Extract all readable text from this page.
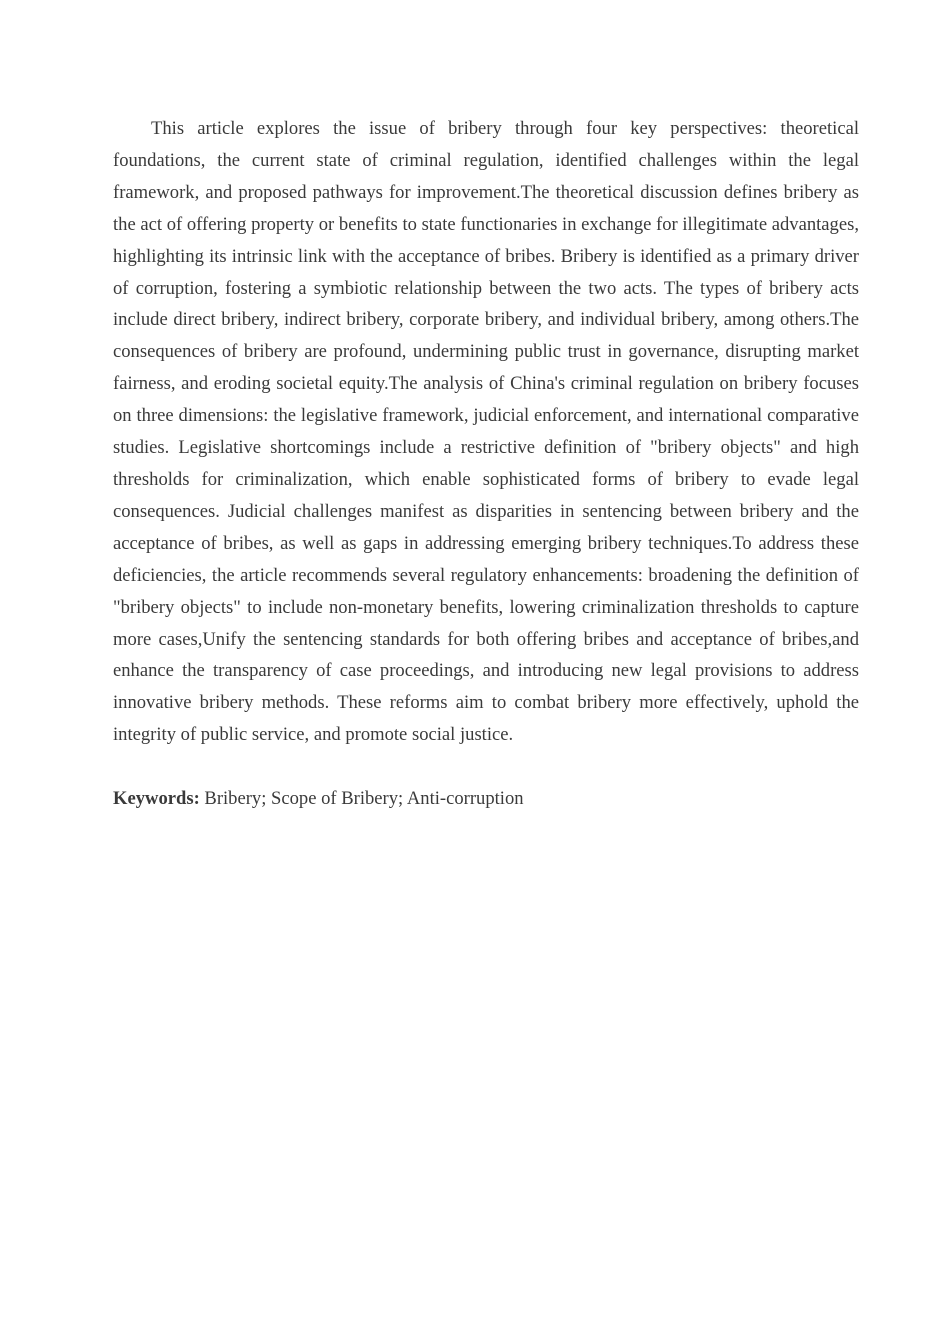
This article explores the issue of bribery through four key perspectives: theoretical foundations, the current state of criminal regulation, identified challenges within the legal framework, and proposed pathways for improvement.The theoretical discussion defines bribery as the act of offering property or benefits to state functionaries in exchange for illegitimate advantages, highlighting its intrinsic link with the acceptance of bribes. Bribery is identified as a primary driver of corruption, fostering a symbiotic relationship between the two acts. The types of bribery acts include direct bribery, indirect bribery, corporate bribery, and individual bribery, among others.The consequences of bribery are profound, undermining public trust in governance, disrupting market fairness, and eroding societal equity.The analysis of China's criminal regulation on bribery focuses on three dimensions: the legislative framework, judicial enforcement, and international comparative studies. Legislative shortcomings include a restrictive definition of "bribery objects" and high thresholds for criminalization, which enable sophisticated forms of bribery to evade legal consequences. Judicial challenges manifest as disparities in sentencing between bribery and the acceptance of bribes, as well as gaps in addressing emerging bribery techniques.To address these deficiencies, the article recommends several regulatory enhancements: broadening the definition of "bribery objects" to include non-monetary benefits, lowering criminalization thresholds to capture more cases,Unify the sentencing standards for both offering bribes and acceptance of bribes,and enhance the transparency of case proceedings, and introducing new legal provisions to address innovative bribery methods. These reforms aim to combat bribery more effectively, uphold the integrity of public service, and promote social justice.

Keywords: Bribery; Scope of Bribery; Anti-corruption
